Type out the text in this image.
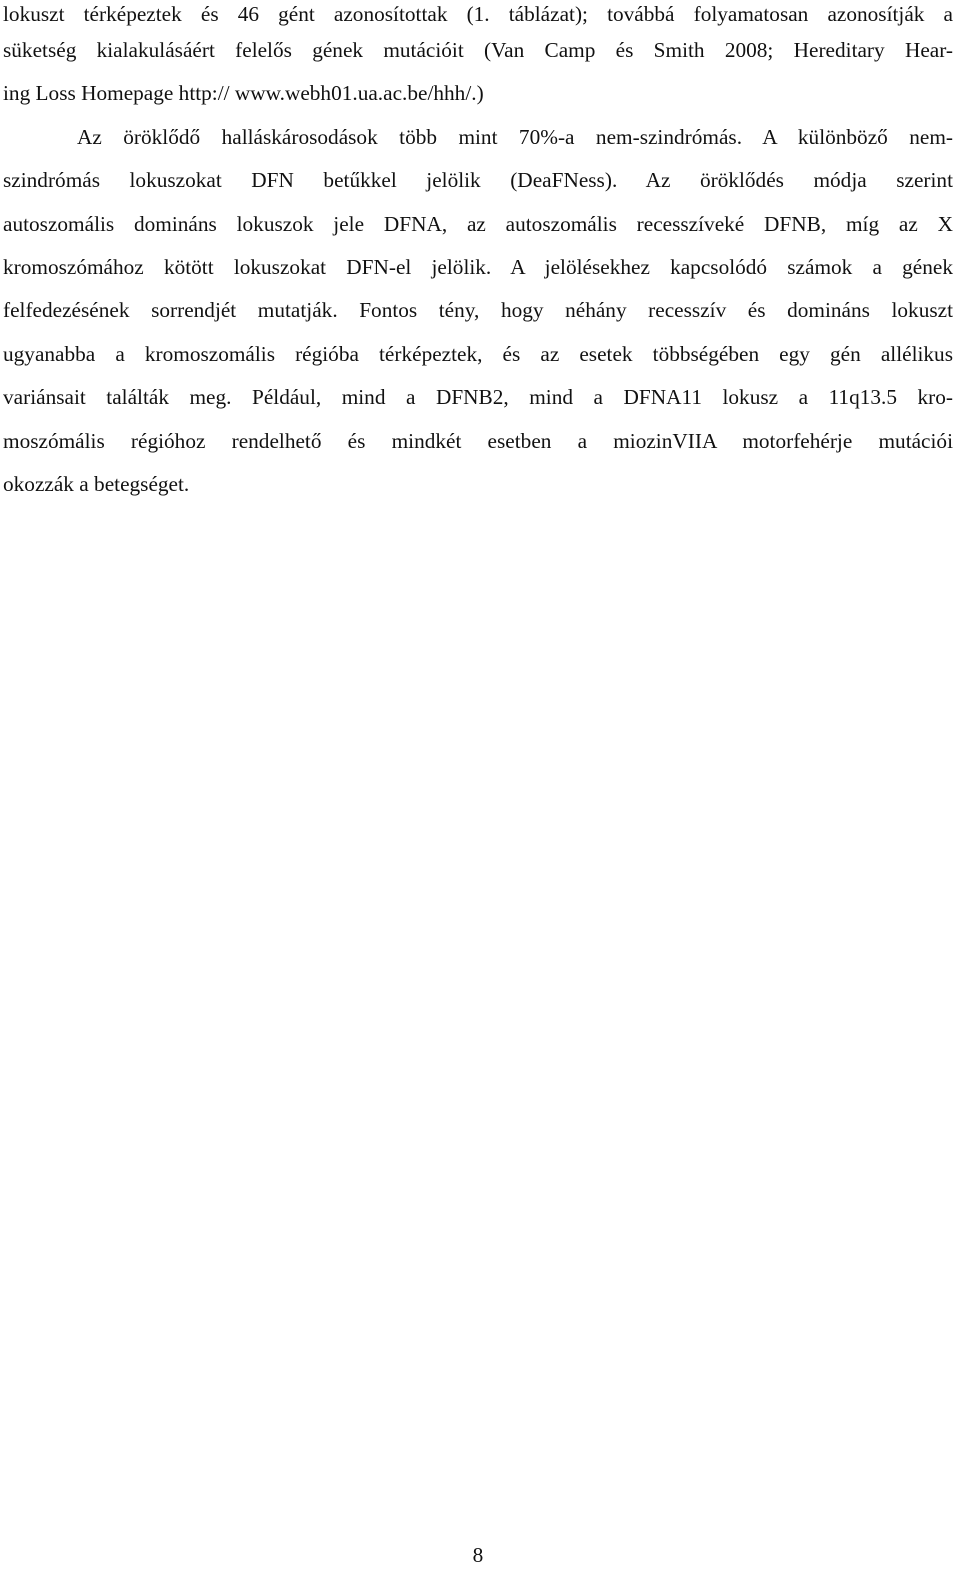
lokuszt térképeztek és 46 gént azonosítottak (1. táblázat); továbbá folyamatosan azonosítják a
süketség kialakulásáért felelős gének mutációit (Van Camp és Smith 2008; Hereditary Hear-
ing Loss Homepage http:// www.webh01.ua.ac.be/hhh/.)
Az öröklődő halláskárosodások több mint 70%-a nem-szindrómás. A különböző nem-
szindrómás lokuszokat DFN betűkkel jelölik (DeaFNess). Az öröklődés módja szerint
autoszomális domináns lokuszok jele DFNA, az autoszomális recesszíveké DFNB, míg az X
kromoszómához kötött lokuszokat DFN-el jelölik. A jelölésekhez kapcsolódó számok a gének
felfedezésének sorrendjét mutatják. Fontos tény, hogy néhány recesszív és domináns lokuszt
ugyanabba a kromoszomális régióba térképeztek, és az esetek többségében egy gén allélikus
variánsait találták meg. Például, mind a DFNB2, mind a DFNA11 lokusz a 11q13.5 kro-
moszómális régióhoz rendelhető és mindkét esetben a miozinVIIA motorfehérje mutációi
okozzák a betegséget.
8
